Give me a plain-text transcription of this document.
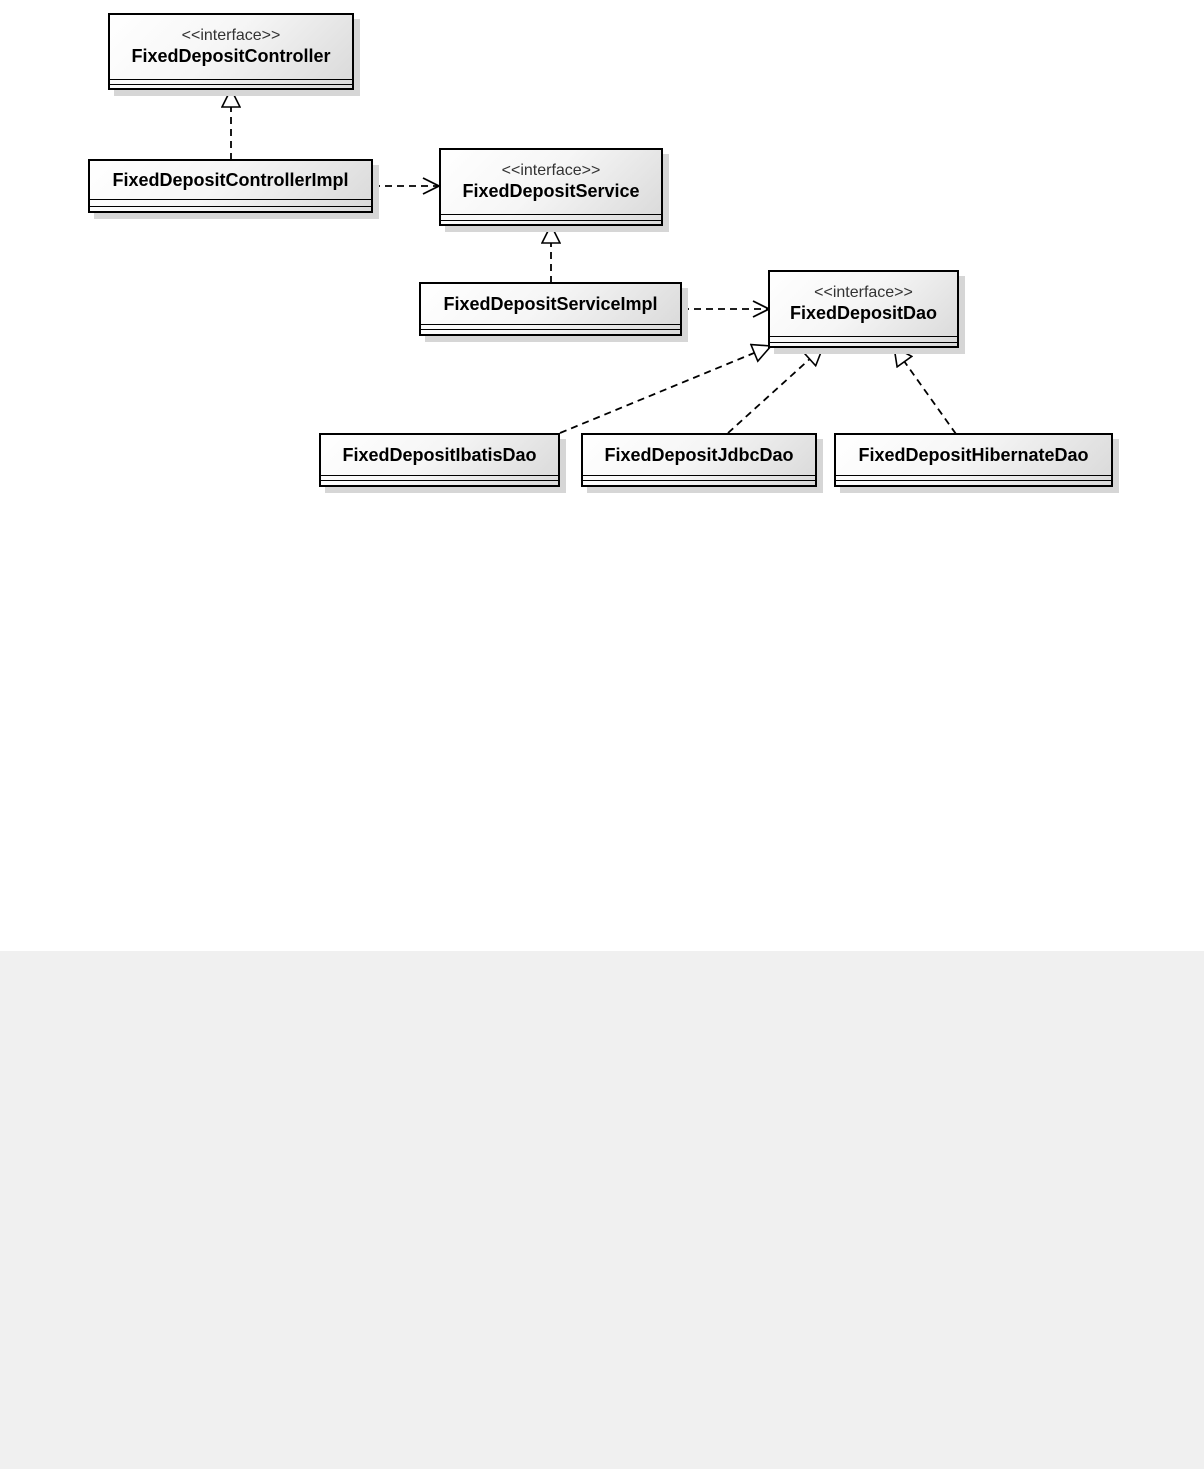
<<interface>>
FixedDepositController
FixedDepositControllerImpl	<<interface>>
FixedDepositService
FixedDepositServiceImpl
<<interface>>
FixedDepositDao
FixedDepositIbatisDao	FixedDepositJdbcDao	FixedDepositHibernateDao
